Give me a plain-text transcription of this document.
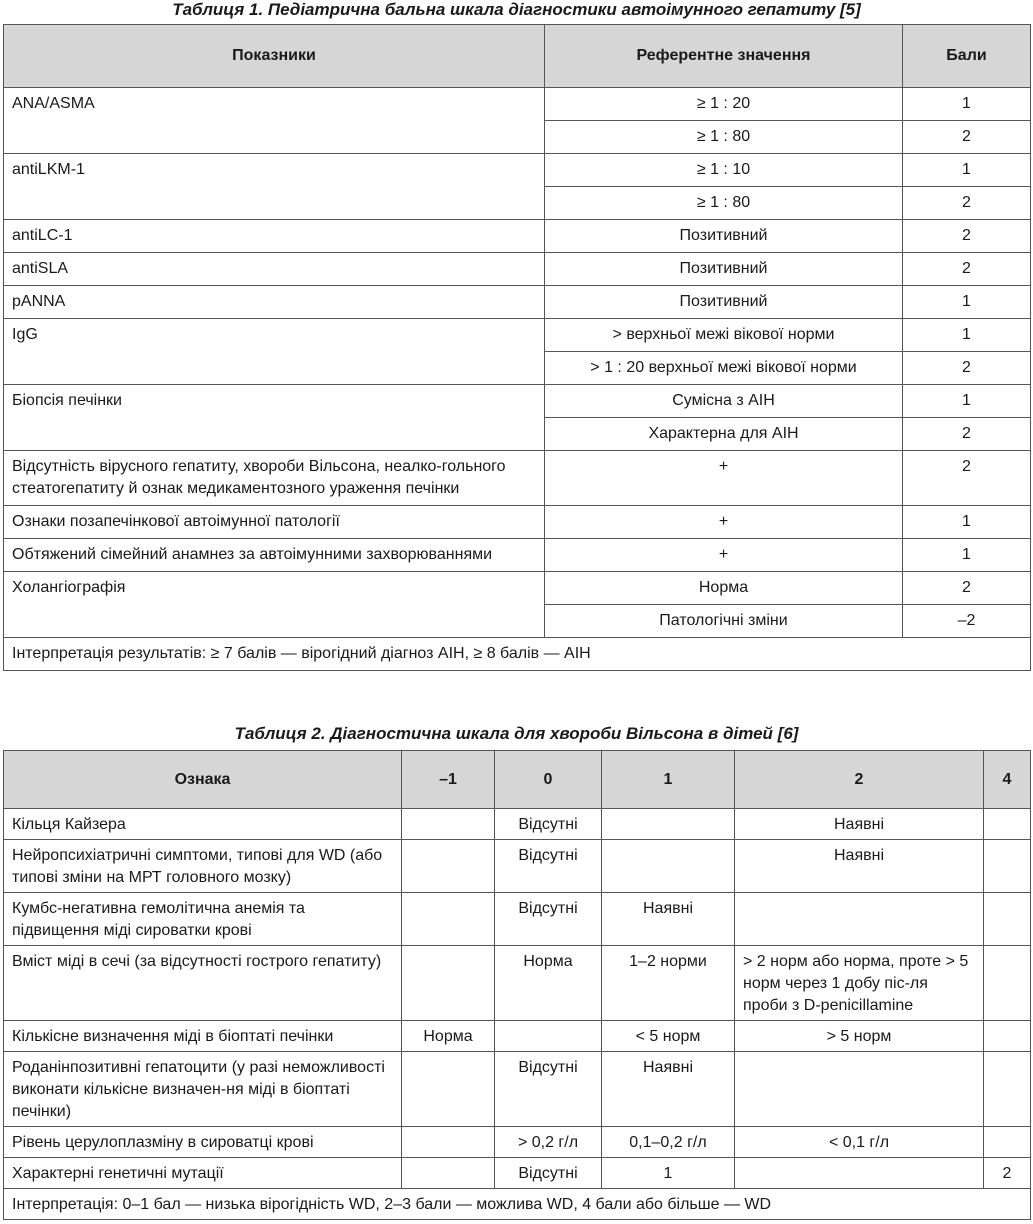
Таблиця 1. Педіатрична бальна шкала діагностики автоімунного гепатиту [5]
Показники	Референтне значення	Бали
ANA/ASMA	≥ 1 : 20	1
	≥ 1 : 80	2
antiLKM-1	≥ 1 : 10	1
	≥ 1 : 80	2
antiLC-1	Позитивний	2
antiSLA	Позитивний	2
pANNA	Позитивний	1
IgG	> верхньої межі вікової норми	1
	> 1 : 20 верхньої межі вікової норми	2
Біопсія печінки	Сумісна з АІН	1
	Характерна для АІН	2
Відсутність вірусного гепатиту, хвороби Вільсона, неалко-гольного стеатогепатиту й ознак медикаментозного ураження печінки	+	2
Ознаки позапечінкової автоімунної патології	+	1
Обтяжений сімейний анамнез за автоімунними захворюваннями	+	1
Холангіографія	Норма	2
	Патологічні зміни	–2
Інтерпретація результатів: ≥ 7 балів — вірогідний діагноз АІН, ≥ 8 балів — АІН		
Таблиця 2. Діагностична шкала для хвороби Вільсона в дітей [6]
Ознака	–1	0	1	2	4
Кільця Кайзера		Відсутні		Наявні	
Нейропсихіатричні симптоми, типові для WD (або типові зміни на МРТ головного мозку)		Відсутні		Наявні	
Кумбс-негативна гемолітична анемія та підвищення міді сироватки крові		Відсутні	Наявні		
Вміст міді в сечі (за відсутності гострого гепатиту)		Норма	1–2 норми	> 2 норм або норма, проте > 5 норм через 1 добу піс-ля проби з D-penicillamine	
Кількісне визначення міді в біоптаті печінки	Норма		< 5 норм	> 5 норм	
Роданінпозитивні гепатоцити (у разі неможливості виконати кількісне визначен-ня міді в біоптаті печінки)		Відсутні	Наявні		
Рівень церулоплазміну в сироватці крові		> 0,2 г/л	0,1–0,2 г/л	< 0,1 г/л	
Характерні генетичні мутації		Відсутні	1		2
Інтерпретація: 0–1 бал — низька вірогідність WD, 2–3 бали — можлива WD, 4 бали або більше — WD					
